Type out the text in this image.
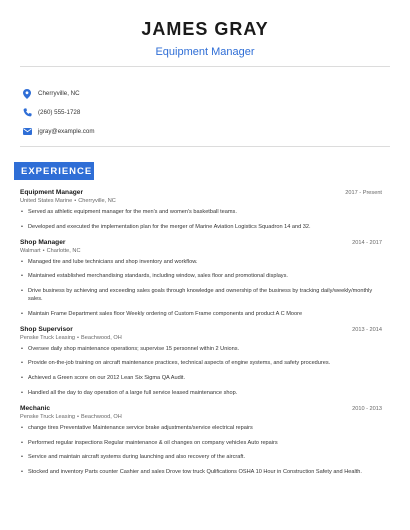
JAMES GRAY
Equipment Manager
Cherryville, NC
(260) 555-1728
jgray@example.com
EXPERIENCE
Equipment Manager	2017 - Present
United States Marine • Cherryville, NC
• Served as athletic equipment manager for the men's and women's basketball teams.
• Developed and executed the implementation plan for the merger of Marine Aviation Logistics Squadron 14 and 32.
Shop Manager	2014 - 2017
Walmart • Charlotte, NC
• Managed tire and lube technicians and shop inventory and workflow.
• Maintained established merchandising standards, including window, sales floor and promotional displays.
• Drive business by achieving and exceeding sales goals through knowledge and ownership of the business by tracking daily/weekly/monthly sales.
• Maintain Frame Department sales floor Weekly ordering of Custom Frame components and product A C Moore
Shop Supervisor	2013 - 2014
Penske Truck Leasing • Beachwood, OH
• Oversee daily shop maintenance operations; supervise 15 personnel within 2 Unions.
• Provide on-the-job training on aircraft maintenance practices, technical aspects of engine systems, and safety procedures.
• Achieved a Green score on our 2012 Lean Six Sigma QA Audit.
• Handled all the day to day operation of a large full service leased maintenance shop.
Mechanic	2010 - 2013
Penske Truck Leasing • Beachwood, OH
• change tires Preventative Maintenance service brake adjustments/service electrical repairs
• Performed regular inspections Regular maintenance & oil changes on company vehicles Auto repairs
• Service and maintain aircraft systems during launching and also recovery of the aircraft.
• Stocked and inventory Parts counter Cashier and sales Drove tow truck Qulifications OSHA 10 Hour in Construction Safety and Health.
